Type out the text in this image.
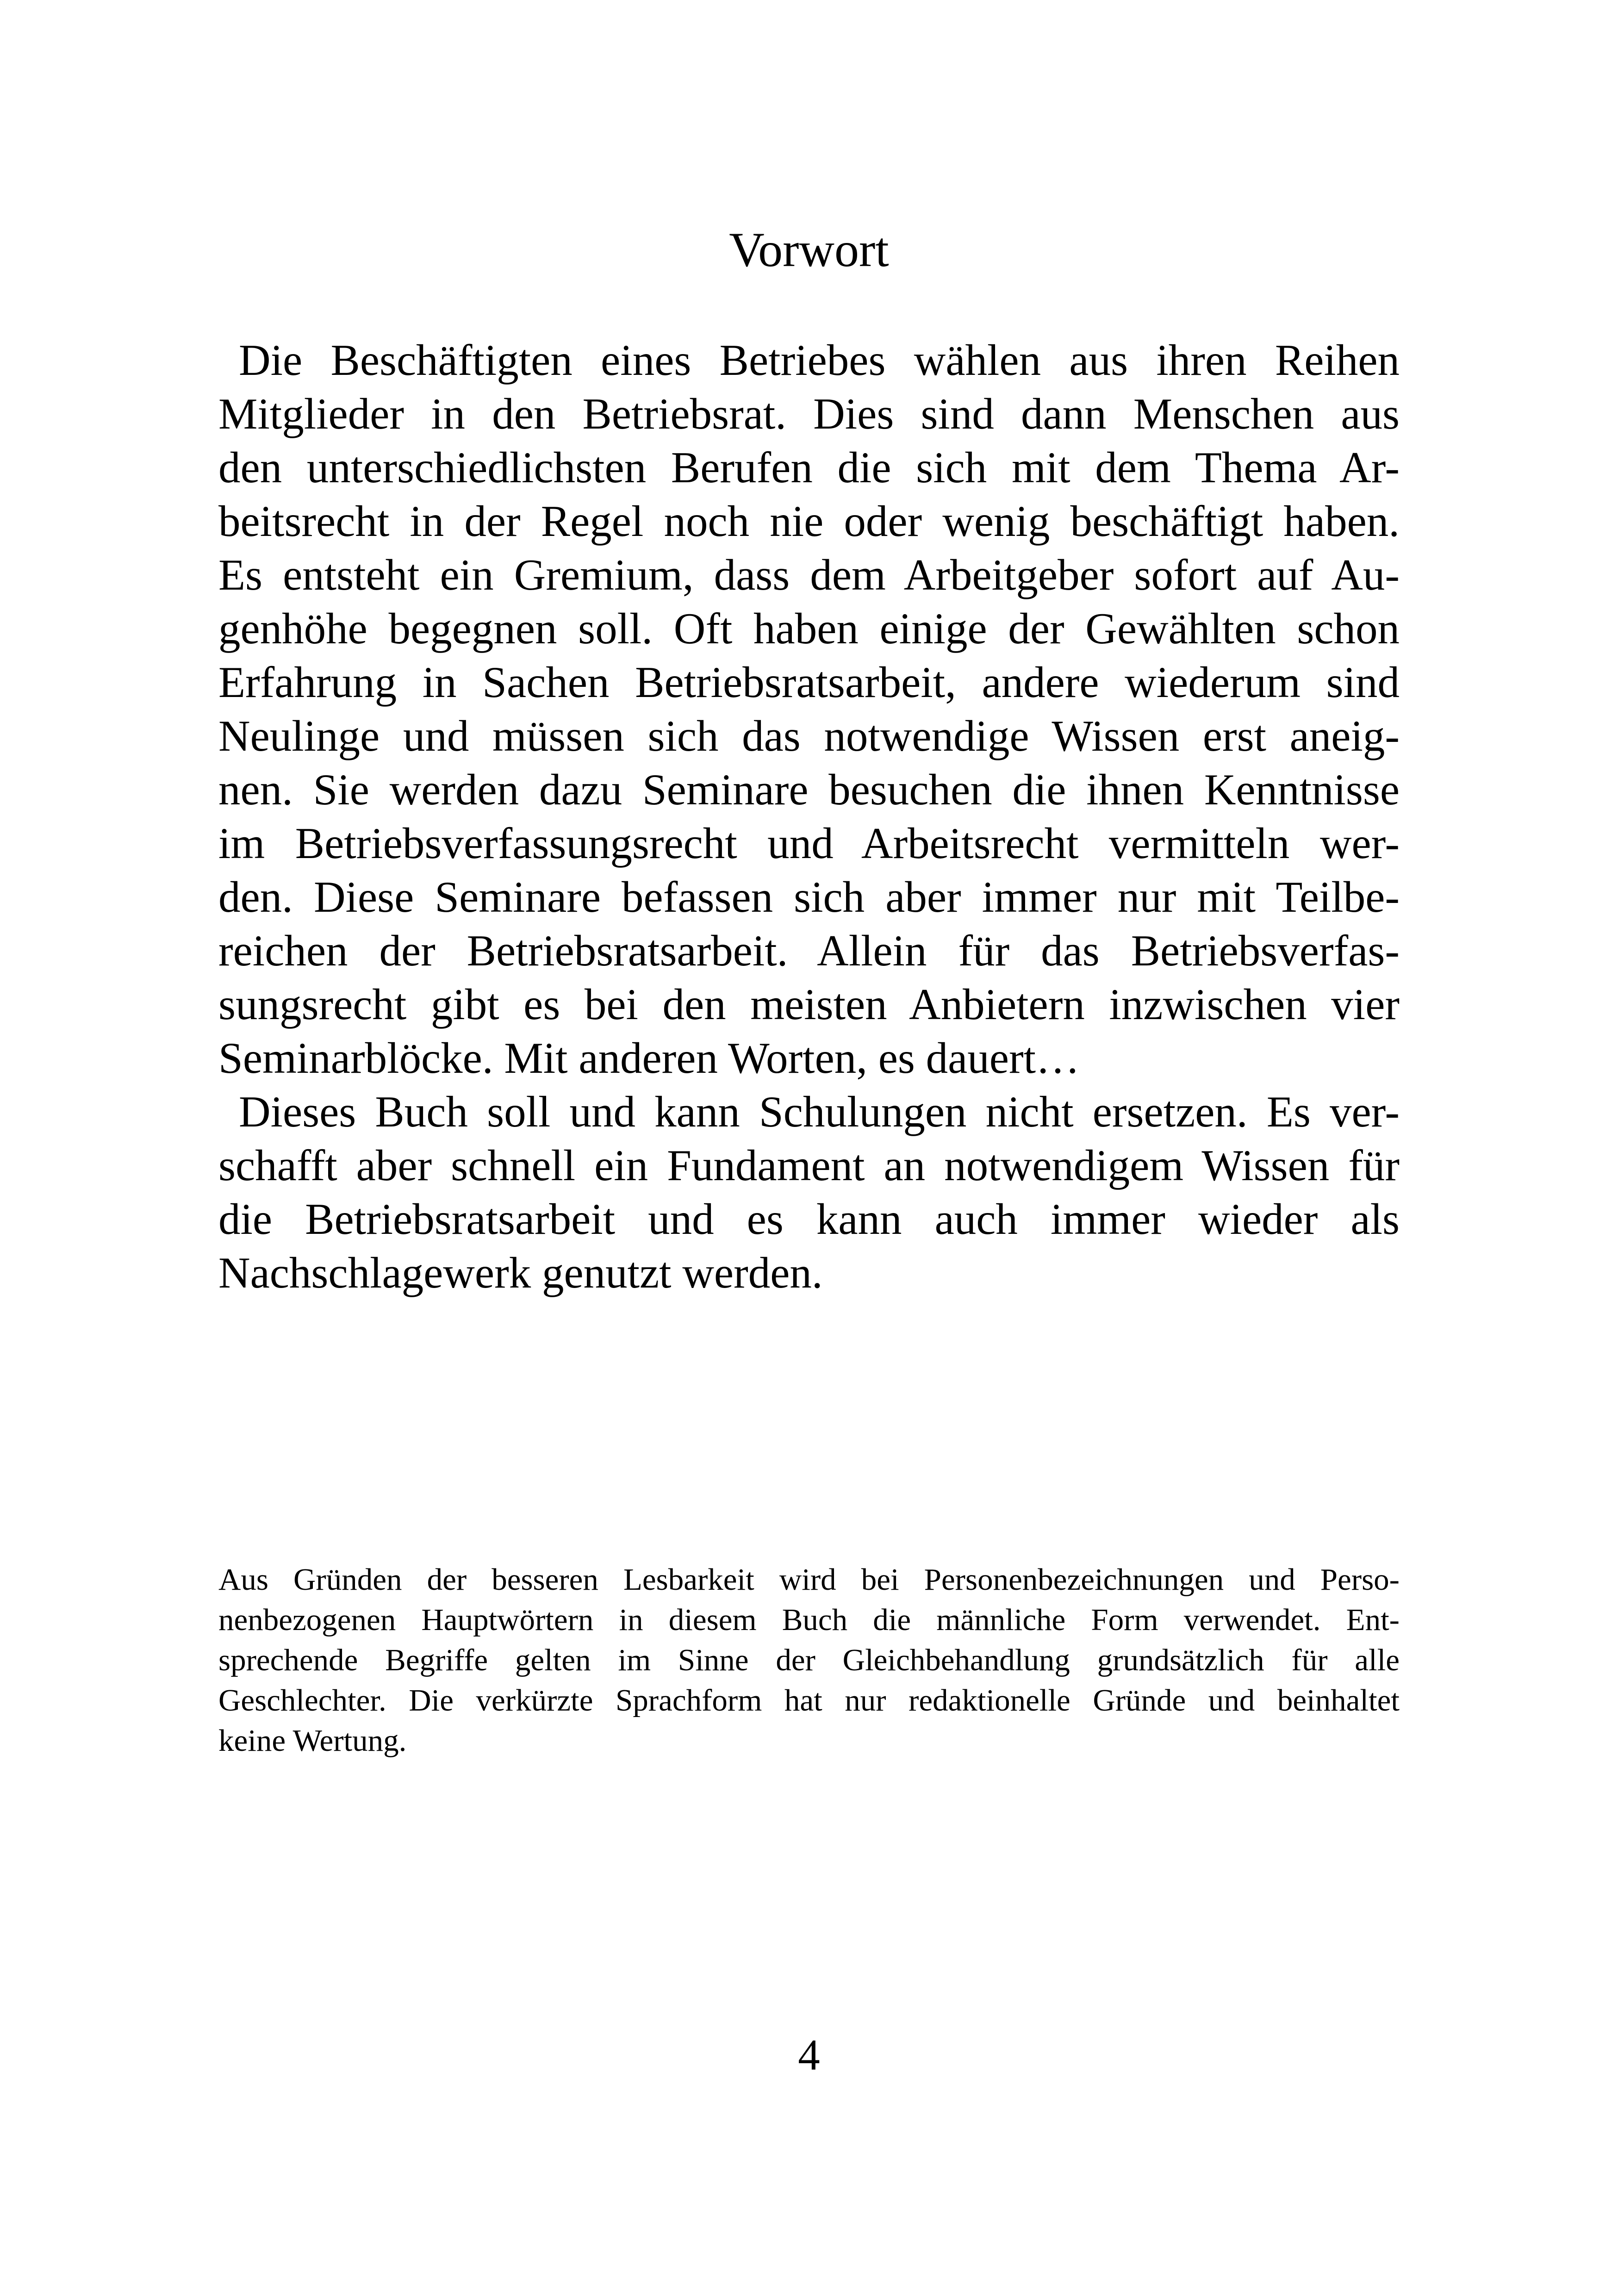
Vorwort
Die Beschäftigten eines Betriebes wählen aus ihren Reihen
Mitglieder in den Betriebsrat. Dies sind dann Menschen aus
den unterschiedlichsten Berufen die sich mit dem Thema Ar-
beitsrecht in der Regel noch nie oder wenig beschäftigt haben.
Es entsteht ein Gremium, dass dem Arbeitgeber sofort auf Au-
genhöhe begegnen soll. Oft haben einige der Gewählten schon
Erfahrung in Sachen Betriebsratsarbeit, andere wiederum sind
Neulinge und müssen sich das notwendige Wissen erst aneig-
nen. Sie werden dazu Seminare besuchen die ihnen Kenntnisse
im Betriebsverfassungsrecht und Arbeitsrecht vermitteln wer-
den. Diese Seminare befassen sich aber immer nur mit Teilbe-
reichen der Betriebsratsarbeit. Allein für das Betriebsverfas-
sungsrecht gibt es bei den meisten Anbietern inzwischen vier
Seminarblöcke. Mit anderen Worten, es dauert…
Dieses Buch soll und kann Schulungen nicht ersetzen. Es ver-
schafft aber schnell ein Fundament an notwendigem Wissen für
die Betriebsratsarbeit und es kann auch immer wieder als
Nachschlagewerk genutzt werden.
Aus Gründen der besseren Lesbarkeit wird bei Personenbezeichnungen und Perso-
nenbezogenen Hauptwörtern in diesem Buch die männliche Form verwendet. Ent-
sprechende Begriffe gelten im Sinne der Gleichbehandlung grundsätzlich für alle
Geschlechter. Die verkürzte Sprachform hat nur redaktionelle Gründe und beinhaltet
keine Wertung.
4
